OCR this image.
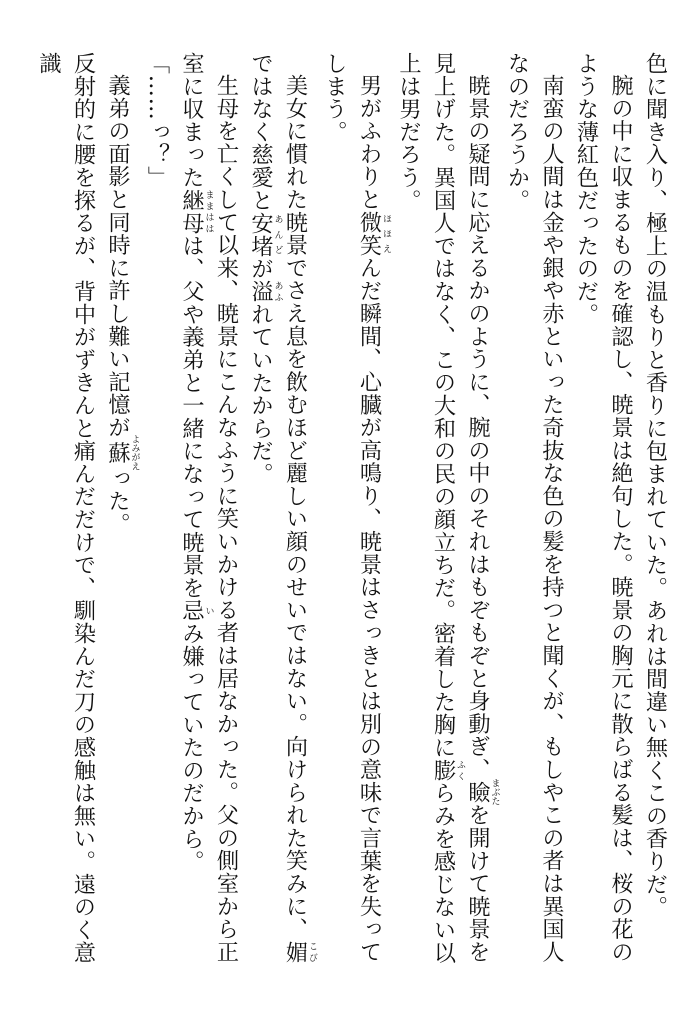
色に聞き入り、極上の温もりと香りに包まれていた。あれは間違い無くこの香りだ。

腕の中に収まるものを確認し、暁景は絶句した。暁景の胸元に散らばる髪は、桜の花のような薄紅色だったのだ。

南蛮の人間は金や銀や赤といった奇抜な色の髪を持つと聞くが、もしやこの者は異国人なのだろうか。

暁景の疑問に応えるかのように、腕の中のそれはもぞもぞと身動ぎ、瞼 まぶたを開けて暁景を見上げた。異国人ではなく、この大和の民の顔立ちだ。密着した胸に膨 ふくらみを感じない以上は男だろう。

男がふわりと微笑 ほほえんだ瞬間、心臓が高鳴り、暁景はさっきとは別の意味で言葉を失ってしまう。

美女に慣れた暁景でさえ息を飲むほど麗しい顔のせいではない。向けられた笑みに、媚 こびではなく慈愛と安堵 あんどが溢 あふれていたからだ。

生母を亡くして以来、暁景にこんなふうに笑いかける者は居なかった。父の側室から正室に収まった継母 ままははは、父や義弟と一緒になって暁景を忌 いみ嫌っていたのだから。

「……っ？」

義弟の面影と同時に許し難い記憶が蘇 よみがえった。

反射的に腰を探るが、背中がずきんと痛んだだけで、馴染んだ刀の感触は無い。遠のく意識
